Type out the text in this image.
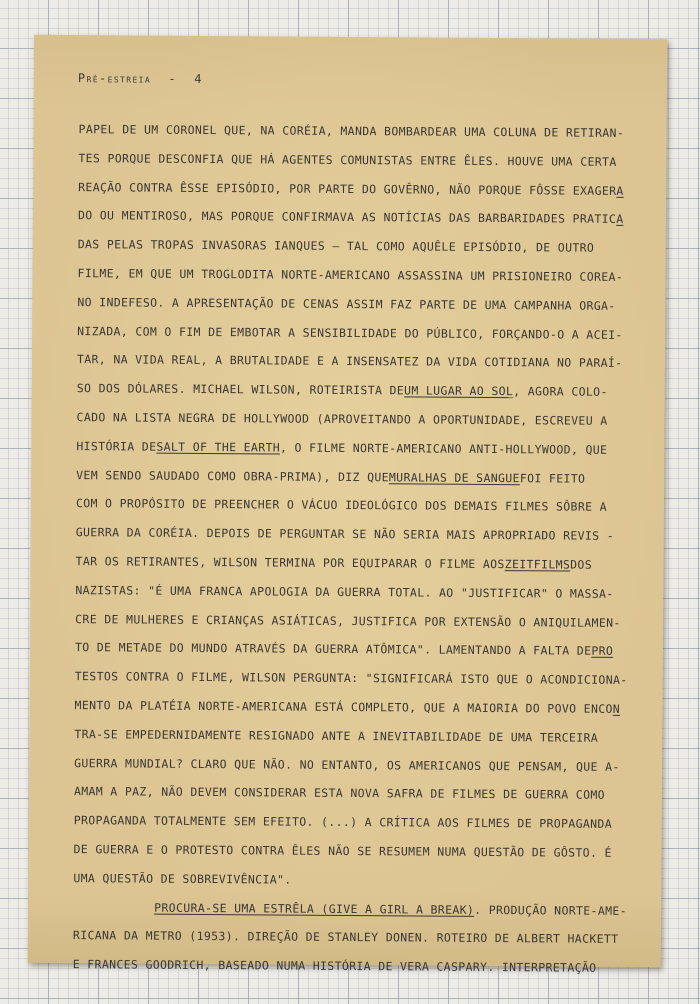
Pré-estreia  -  4
PAPEL DE UM CORONEL QUE, NA CORÉIA, MANDA BOMBARDEAR UMA COLUNA DE RETIRAN-
TES PORQUE DESCONFIA QUE HÁ AGENTES COMUNISTAS ENTRE ÊLES. HOUVE UMA CERTA
REAÇÃO CONTRA ÊSSE EPISÓDIO, POR PARTE DO GOVÊRNO, NÃO PORQUE FÔSSE EXAGERA
DO OU MENTIROSO, MAS PORQUE CONFIRMAVA AS NOTÍCIAS DAS BARBARIDADES PRATICA
DAS PELAS TROPAS INVASORAS IANQUES — TAL COMO AQUÊLE EPISÓDIO, DE OUTRO
FILME, EM QUE UM TROGLODITA NORTE-AMERICANO ASSASSINA UM PRISIONEIRO COREA-
NO INDEFESO. A APRESENTAÇÃO DE CENAS ASSIM FAZ PARTE DE UMA CAMPANHA ORGA-
NIZADA, COM O FIM DE EMBOTAR A SENSIBILIDADE DO PÚBLICO, FORÇANDO-O A ACEI-
TAR, NA VIDA REAL, A BRUTALIDADE E A INSENSATEZ DA VIDA COTIDIANA NO PARAÍ-
SO DOS DÓLARES. MICHAEL WILSON, ROTEIRISTA DEUM LUGAR AO SOL, AGORA COLO-
CADO NA LISTA NEGRA DE HOLLYWOOD (APROVEITANDO A OPORTUNIDADE, ESCREVEU A
HISTÓRIA DESALT OF THE EARTH, O FILME NORTE-AMERICANO ANTI-HOLLYWOOD, QUE
VEM SENDO SAUDADO COMO OBRA-PRIMA), DIZ QUEMURALHAS DE SANGUEFOI FEITO
COM O PROPÓSITO DE PREENCHER O VÁCUO IDEOLÓGICO DOS DEMAIS FILMES SÔBRE A
GUERRA DA CORÉIA. DEPOIS DE PERGUNTAR SE NÃO SERIA MAIS APROPRIADO REVIS -
TAR OS RETIRANTES, WILSON TERMINA POR EQUIPARAR O FILME AOSZEITFILMSDOS
NAZISTAS: "É UMA FRANCA APOLOGIA DA GUERRA TOTAL. AO "JUSTIFICAR" O MASSA-
CRE DE MULHERES E CRIANÇAS ASIÁTICAS, JUSTIFICA POR EXTENSÃO O ANIQUILAMEN-
TO DE METADE DO MUNDO ATRAVÉS DA GUERRA ATÔMICA". LAMENTANDO A FALTA DEPRO
TESTOS CONTRA O FILME, WILSON PERGUNTA: "SIGNIFICARÁ ISTO QUE O ACONDICIONA-
MENTO DA PLATÉIA NORTE-AMERICANA ESTÁ COMPLETO, QUE A MAIORIA DO POVO ENCON
TRA-SE EMPEDERNIDAMENTE RESIGNADO ANTE A INEVITABILIDADE DE UMA TERCEIRA
GUERRA MUNDIAL? CLARO QUE NÃO. NO ENTANTO, OS AMERICANOS QUE PENSAM, QUE A-
AMAM A PAZ, NÃO DEVEM CONSIDERAR ESTA NOVA SAFRA DE FILMES DE GUERRA COMO
PROPAGANDA TOTALMENTE SEM EFEITO. (...) A CRÍTICA AOS FILMES DE PROPAGANDA
DE GUERRA E O PROTESTO CONTRA ÊLES NÃO SE RESUMEM NUMA QUESTÃO DE GÔSTO. É
UMA QUESTÃO DE SOBREVIVÊNCIA".
PROCURA-SE UMA ESTRÊLA (GIVE A GIRL A BREAK). PRODUÇÃO NORTE-AME-
RICANA DA METRO (1953). DIREÇÃO DE STANLEY DONEN. ROTEIRO DE ALBERT HACKETT
E FRANCES GOODRICH, BASEADO NUMA HISTÓRIA DE VERA CASPARY. INTERPRETAÇÃO
